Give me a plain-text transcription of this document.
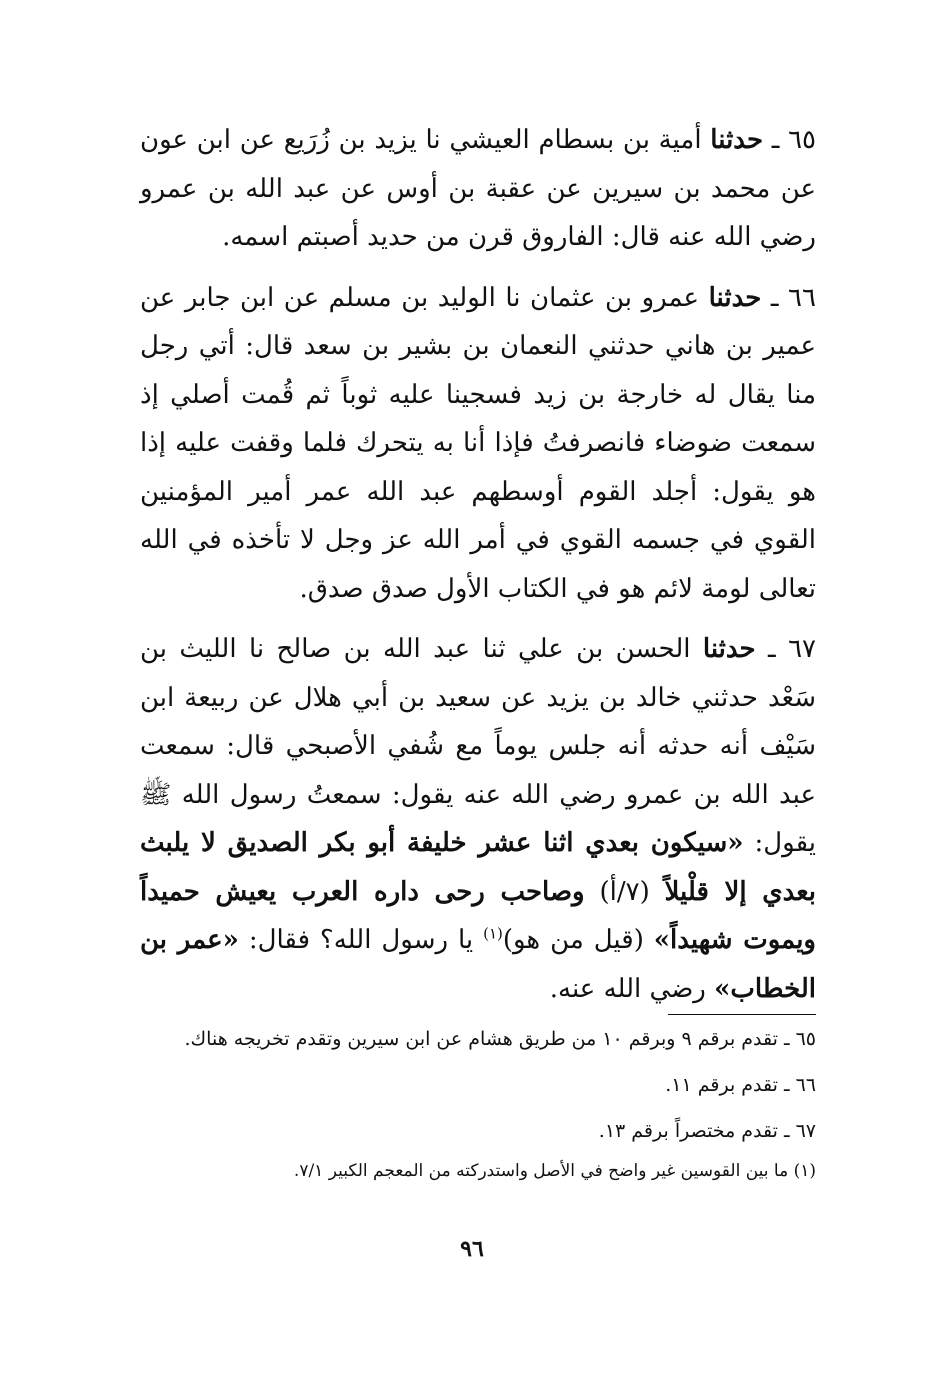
٦٥ ـ حدثنا أمية بن بسطام العيشي نا يزيد بن زُرَيع عن ابن عون عن محمد بن سيرين عن عقبة بن أوس عن عبد الله بن عمرو رضي الله عنه قال: الفاروق قرن من حديد أصبتم اسمه.

٦٦ ـ حدثنا عمرو بن عثمان نا الوليد بن مسلم عن ابن جابر عن عمير بن هاني حدثني النعمان بن بشير بن سعد قال: أتي رجل منا يقال له خارجة بن زيد فسجينا عليه ثوباً ثم قُمت أصلي إذ سمعت ضوضاء فانصرفتُ فإذا أنا به يتحرك فلما وقفت عليه إذا هو يقول: أجلد القوم أوسطهم عبد الله عمر أمير المؤمنين القوي في جسمه القوي في أمر الله عز وجل لا تأخذه في الله تعالى لومة لائم هو في الكتاب الأول صدق صدق.

٦٧ ـ حدثنا الحسن بن علي ثنا عبد الله بن صالح نا الليث بن سَعْد حدثني خالد بن يزيد عن سعيد بن أبي هلال عن ربيعة ابن سَيْف أنه حدثه أنه جلس يوماً مع شُفي الأصبحي قال: سمعت عبد الله بن عمرو رضي الله عنه يقول: سمعتُ رسول الله ﷺ يقول: «سيكون بعدي اثنا عشر خليفة أبو بكر الصديق لا يلبث بعدي إلا قلْيلاً (٧/أ) وصاحب رحى داره العرب يعيش حميداً ويموت شهيداً» (قيل من هو)$^{(١)}$ يا رسول الله؟ فقال: «عمر بن الخطاب» رضي الله عنه.

٦٥ ـ تقدم برقم ٩ وبرقم ١٠ من طريق هشام عن ابن سيرين وتقدم تخريجه هناك.

٦٦ ـ تقدم برقم ١١.

٦٧ ـ تقدم مختصراً برقم ١٣.

(١) ما بين القوسين غير واضح في الأصل واستدركته من المعجم الكبير ٧/١.

٩٦
